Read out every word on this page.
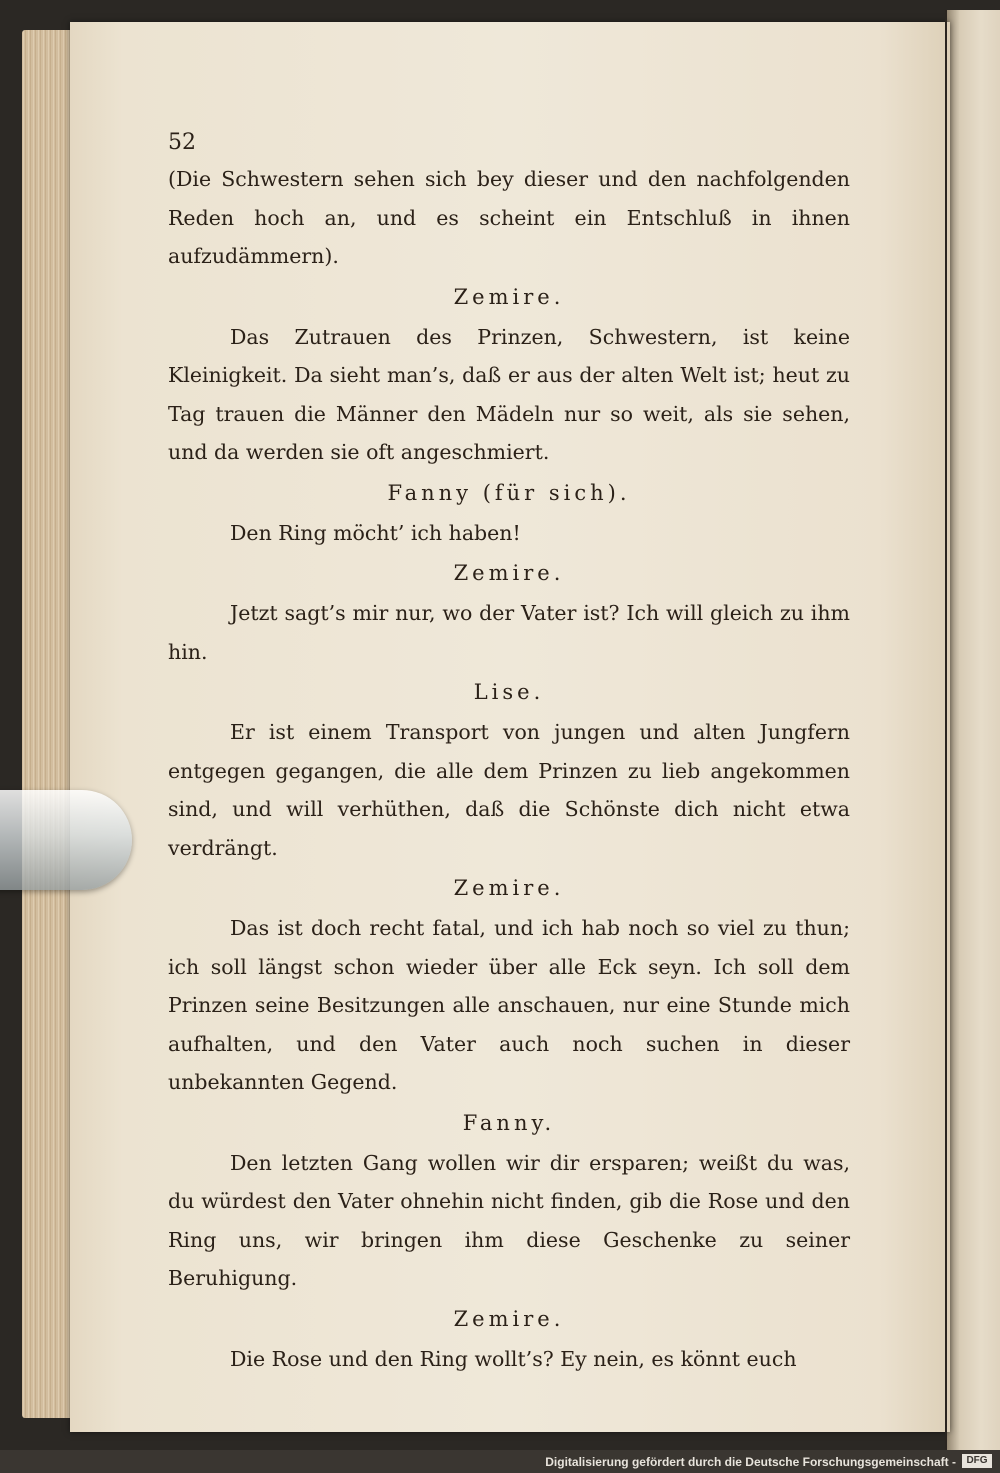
52
(Die Schwestern sehen sich bey dieser und den nachfolgenden Reden hoch an, und es scheint ein Entschluß in ihnen aufzudämmern).
Zemire.
Das Zutrauen des Prinzen, Schwestern, ist keine Kleinigkeit. Da sieht man’s, daß er aus der alten Welt ist; heut zu Tag trauen die Männer den Mädeln nur so weit, als sie sehen, und da werden sie oft angeschmiert.
Fanny (für sich).
Den Ring möcht’ ich haben!
Zemire.
Jetzt sagt’s mir nur, wo der Vater ist? Ich will gleich zu ihm hin.
Lise.
Er ist einem Transport von jungen und alten Jungfern entgegen gegangen, die alle dem Prinzen zu lieb angekommen sind, und will verhüthen, daß die Schönste dich nicht etwa verdrängt.
Zemire.
Das ist doch recht fatal, und ich hab noch so viel zu thun; ich soll längst schon wieder über alle Eck seyn. Ich soll dem Prinzen seine Besitzungen alle anschauen, nur eine Stunde mich aufhalten, und den Vater auch noch suchen in dieser unbekannten Gegend.
Fanny.
Den letzten Gang wollen wir dir ersparen; weißt du was, du würdest den Vater ohnehin nicht finden, gib die Rose und den Ring uns, wir bringen ihm diese Geschenke zu seiner Beruhigung.
Zemire.
Die Rose und den Ring wollt’s? Ey nein, es könnt euch
Digitalisierung gefördert durch die Deutsche Forschungsgemeinschaft -	DFG
